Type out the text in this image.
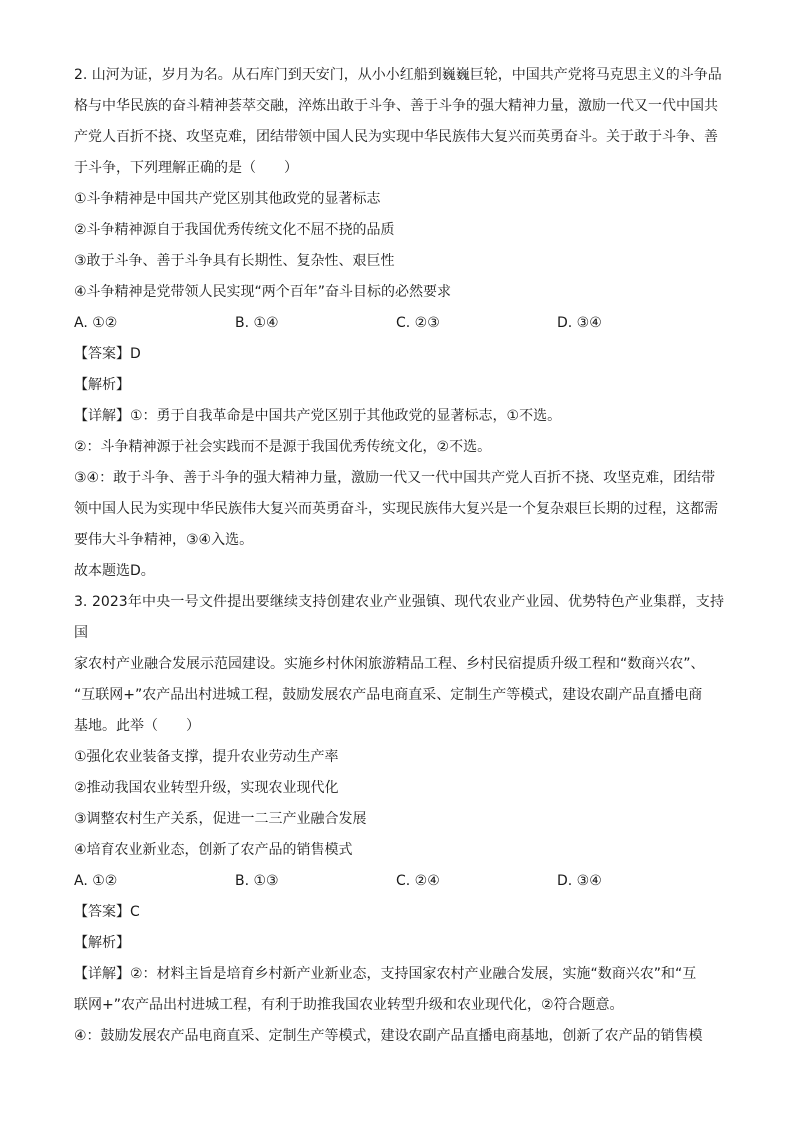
2. 山河为证，岁月为名。从石库门到天安门，从小小红船到巍巍巨轮，中国共产党将马克思主义的斗争品

格与中华民族的奋斗精神荟萃交融，淬炼出敢于斗争、善于斗争的强大精神力量，激励一代又一代中国共

产党人百折不挠、攻坚克难，团结带领中国人民为实现中华民族伟大复兴而英勇奋斗。关于敢于斗争、善

于斗争，下列理解正确的是（　　）

①斗争精神是中国共产党区别其他政党的显著标志

②斗争精神源自于我国优秀传统文化不屈不挠的品质

③敢于斗争、善于斗争具有长期性、复杂性、艰巨性

④斗争精神是党带领人民实现“两个百年”奋斗目标的必然要求

A. ①②	B. ①④	C. ②③	D. ③④

【答案】D

【解析】

【详解】①：勇于自我革命是中国共产党区别于其他政党的显著标志，①不选。

②：斗争精神源于社会实践而不是源于我国优秀传统文化，②不选。

③④：敢于斗争、善于斗争的强大精神力量，激励一代又一代中国共产党人百折不挠、攻坚克难，团结带

领中国人民为实现中华民族伟大复兴而英勇奋斗，实现民族伟大复兴是一个复杂艰巨长期的过程，这都需

要伟大斗争精神，③④入选。

故本题选D。

3. 2023年中央一号文件提出要继续支持创建农业产业强镇、现代农业产业园、优势特色产业集群，支持国

家农村产业融合发展示范园建设。实施乡村休闲旅游精品工程、乡村民宿提质升级工程和“数商兴农”、

“互联网+”农产品出村进城工程，鼓励发展农产品电商直采、定制生产等模式，建设农副产品直播电商

基地。此举（　　）

①强化农业装备支撑，提升农业劳动生产率

②推动我国农业转型升级，实现农业现代化

③调整农村生产关系，促进一二三产业融合发展

④培育农业新业态，创新了农产品的销售模式

A. ①②	B. ①③	C. ②④	D. ③④

【答案】C

【解析】

【详解】②：材料主旨是培育乡村新产业新业态，支持国家农村产业融合发展，实施“数商兴农”和“互

联网+”农产品出村进城工程，有利于助推我国农业转型升级和农业现代化，②符合题意。

④：鼓励发展农产品电商直采、定制生产等模式，建设农副产品直播电商基地，创新了农产品的销售模
